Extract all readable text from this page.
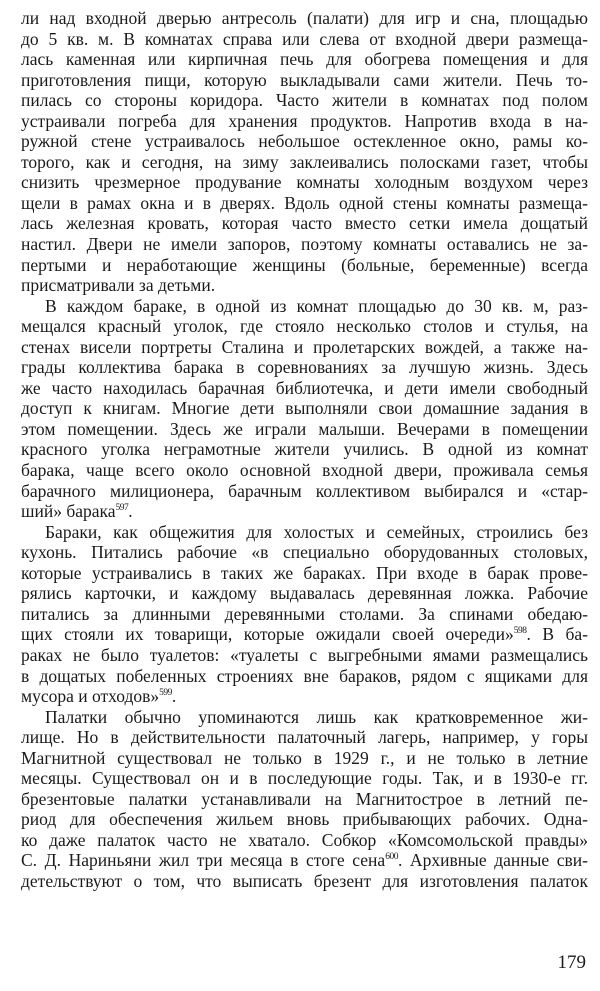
ли над входной дверью антресоль (палати) для игр и сна, площадью
до 5 кв. м. В комнатах справа или слева от входной двери размеща-
лась каменная или кирпичная печь для обогрева помещения и для
приготовления пищи, которую выкладывали сами жители. Печь то-
пилась со стороны коридора. Часто жители в комнатах под полом
устраивали погреба для хранения продуктов. Напротив входа в на-
ружной стене устраивалось небольшое остекленное окно, рамы ко-
торого, как и сегодня, на зиму заклеивались полосками газет, чтобы
снизить чрезмерное продувание комнаты холодным воздухом через
щели в рамах окна и в дверях. Вдоль одной стены комнаты размеща-
лась железная кровать, которая часто вместо сетки имела дощатый
настил. Двери не имели запоров, поэтому комнаты оставались не за-
пертыми и неработающие женщины (больные, беременные) всегда
присматривали за детьми.
В каждом бараке, в одной из комнат площадью до 30 кв. м, раз-
мещался красный уголок, где стояло несколько столов и стулья, на
стенах висели портреты Сталина и пролетарских вождей, а также на-
грады коллектива барака в соревнованиях за лучшую жизнь. Здесь
же часто находилась барачная библиотечка, и дети имели свободный
доступ к книгам. Многие дети выполняли свои домашние задания в
этом помещении. Здесь же играли малыши. Вечерами в помещении
красного уголка неграмотные жители учились. В одной из комнат
барака, чаще всего около основной входной двери, проживала семья
барачного милиционера, барачным коллективом выбирался и «стар-
ший» барака$^{597}$.
Бараки, как общежития для холостых и семейных, строились без
кухонь. Питались рабочие «в специально оборудованных столовых,
которые устраивались в таких же бараках. При входе в барак прове-
рялись карточки, и каждому выдавалась деревянная ложка. Рабочие
питались за длинными деревянными столами. За спинами обедаю-
щих стояли их товарищи, которые ожидали своей очереди»$^{598}$. В ба-
раках не было туалетов: «туалеты с выгребными ямами размещались
в дощатых побеленных строениях вне бараков, рядом с ящиками для
мусора и отходов»$^{599}$.
Палатки обычно упоминаются лишь как кратковременное жи-
лище. Но в действительности палаточный лагерь, например, у горы
Магнитной существовал не только в 1929 г., и не только в летние
месяцы. Существовал он и в последующие годы. Так, и в 1930-е гг.
брезентовые палатки устанавливали на Магнитострое в летний пе-
риод для обеспечения жильем вновь прибывающих рабочих. Одна-
ко даже палаток часто не хватало. Собкор «Комсомольской правды»
С. Д. Нариньяни жил три месяца в стоге сена$^{600}$. Архивные данные сви-
детельствуют о том, что выписать брезент для изготовления палаток
179
